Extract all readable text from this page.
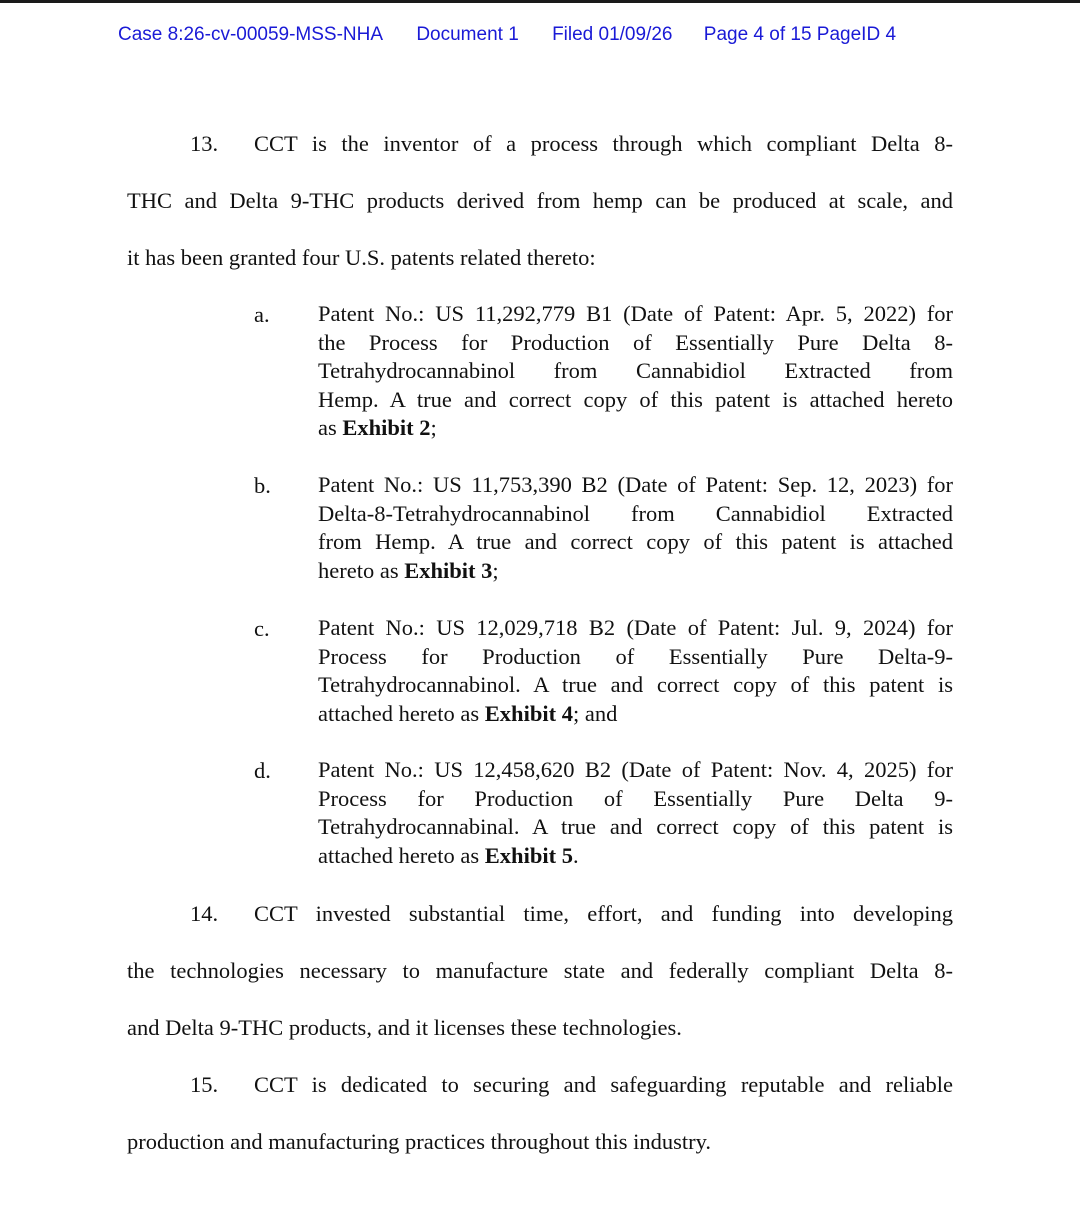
Case 8:26-cv-00059-MSS-NHA Document 1 Filed 01/09/26 Page 4 of 15 PageID 4
13.	CCT is the inventor of a process through which compliant Delta 8-
THC and Delta 9-THC products derived from hemp can be produced at scale, and
it has been granted four U.S. patents related thereto:
a. Patent No.: US 11,292,779 B1 (Date of Patent: Apr. 5, 2022) for
the Process for Production of Essentially Pure Delta 8-
Tetrahydrocannabinol from Cannabidiol Extracted from
Hemp. A true and correct copy of this patent is attached hereto
as Exhibit 2;
b. Patent No.: US 11,753,390 B2 (Date of Patent: Sep. 12, 2023) for
Delta-8-Tetrahydrocannabinol from Cannabidiol Extracted
from Hemp. A true and correct copy of this patent is attached
hereto as Exhibit 3;
c. Patent No.: US 12,029,718 B2 (Date of Patent: Jul. 9, 2024) for
Process for Production of Essentially Pure Delta-9-
Tetrahydrocannabinol. A true and correct copy of this patent is
attached hereto as Exhibit 4; and
d. Patent No.: US 12,458,620 B2 (Date of Patent: Nov. 4, 2025) for
Process for Production of Essentially Pure Delta 9-
Tetrahydrocannabinal. A true and correct copy of this patent is
attached hereto as Exhibit 5.
14.	CCT invested substantial time, effort, and funding into developing
the technologies necessary to manufacture state and federally compliant Delta 8-
and Delta 9-THC products, and it licenses these technologies.
15.	CCT is dedicated to securing and safeguarding reputable and reliable
production and manufacturing practices throughout this industry.
